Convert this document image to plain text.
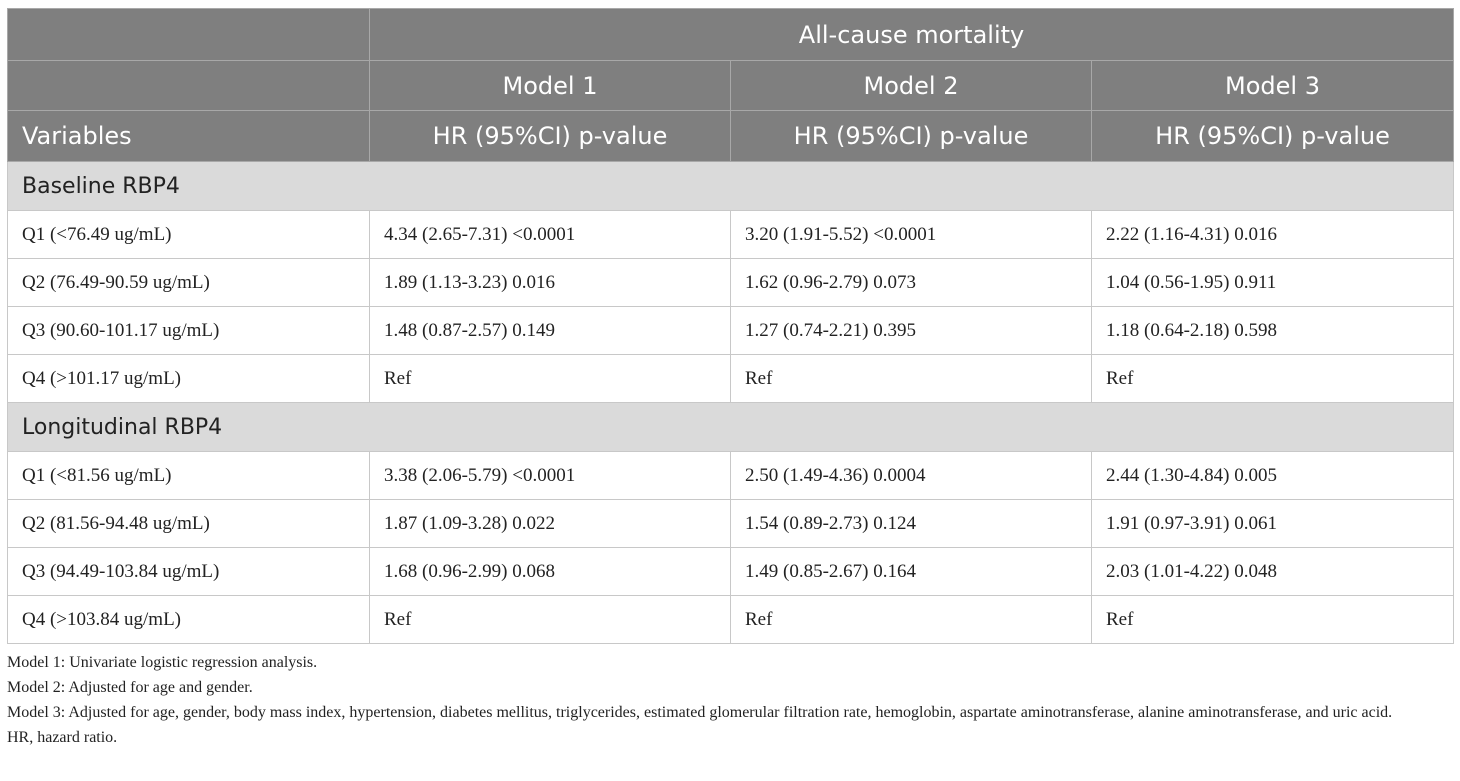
	All-cause mortality		
	Model 1	Model 2	Model 3
Variables	HR (95%CI) p-value	HR (95%CI) p-value	HR (95%CI) p-value
Baseline RBP4			
Q1 (<76.49 ug/mL)	4.34 (2.65-7.31) <0.0001	3.20 (1.91-5.52) <0.0001	2.22 (1.16-4.31) 0.016
Q2 (76.49-90.59 ug/mL)	1.89 (1.13-3.23) 0.016	1.62 (0.96-2.79) 0.073	1.04 (0.56-1.95) 0.911
Q3 (90.60-101.17 ug/mL)	1.48 (0.87-2.57) 0.149	1.27 (0.74-2.21) 0.395	1.18 (0.64-2.18) 0.598
Q4 (>101.17 ug/mL)	Ref	Ref	Ref
Longitudinal RBP4			
Q1 (<81.56 ug/mL)	3.38 (2.06-5.79) <0.0001	2.50 (1.49-4.36) 0.0004	2.44 (1.30-4.84) 0.005
Q2 (81.56-94.48 ug/mL)	1.87 (1.09-3.28) 0.022	1.54 (0.89-2.73) 0.124	1.91 (0.97-3.91) 0.061
Q3 (94.49-103.84 ug/mL)	1.68 (0.96-2.99) 0.068	1.49 (0.85-2.67) 0.164	2.03 (1.01-4.22) 0.048
Q4 (>103.84 ug/mL)	Ref	Ref	Ref
Model 1: Univariate logistic regression analysis.
Model 2: Adjusted for age and gender.
Model 3: Adjusted for age, gender, body mass index, hypertension, diabetes mellitus, triglycerides, estimated glomerular filtration rate, hemoglobin, aspartate aminotransferase, alanine aminotransferase, and uric acid.
HR, hazard ratio.
